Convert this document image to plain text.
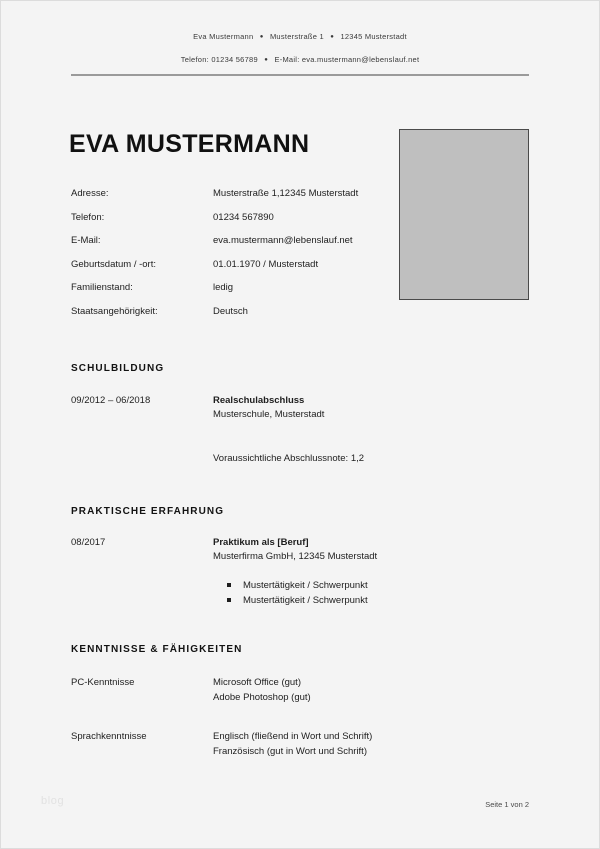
Eva Mustermann ● Musterstraße 1 ● 12345 Musterstadt
Telefon: 01234 56789 ● E-Mail: eva.mustermann@lebenslauf.net
EVA MUSTERMANN
Adresse:	Musterstraße 1,12345 Musterstadt
Telefon:	01234 567890
E-Mail:	eva.mustermann@lebenslauf.net
Geburtsdatum / -ort:	01.01.1970 / Musterstadt
Familienstand:	ledig
Staatsangehörigkeit:	Deutsch
SCHULBILDUNG
09/2012 – 06/2018	Realschulabschluss
Musterschule, Musterstadt
Voraussichtliche Abschlussnote: 1,2
PRAKTISCHE ERFAHRUNG
08/2017	Praktikum als [Beruf]
Musterfirma GmbH, 12345 Musterstadt
Mustertätigkeit / Schwerpunkt
Mustertätigkeit / Schwerpunkt
KENNTNISSE & FÄHIGKEITEN
PC-Kenntnisse	Microsoft Office (gut)
Adobe Photoshop (gut)
Sprachkenntnisse	Englisch (fließend in Wort und Schrift)
Französisch (gut in Wort und Schrift)
blog	Seite 1 von 2
